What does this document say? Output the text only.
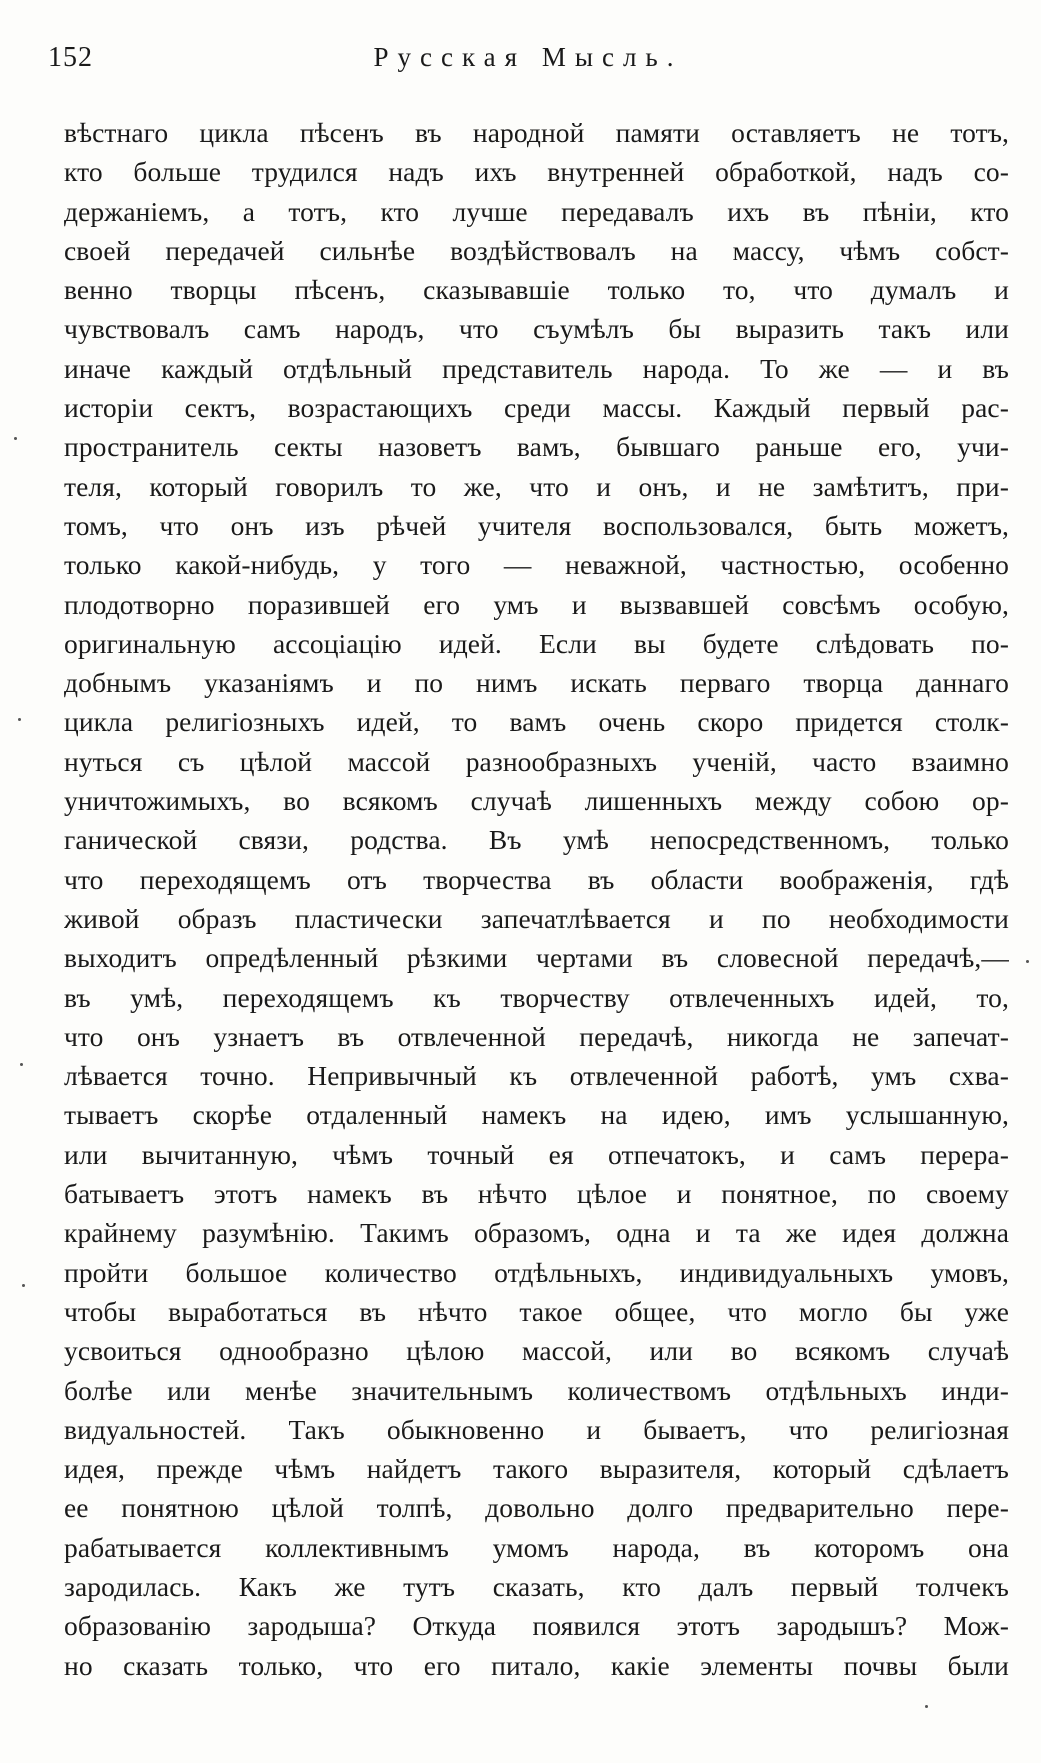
152	Русская Мысль.
вѣстнаго цикла пѣсенъ въ народной памяти оставляетъ не тотъ,
кто больше трудился надъ ихъ внутренней обработкой, надъ со-
держаніемъ, а тотъ, кто лучше передавалъ ихъ въ пѣніи, кто
своей передачей сильнѣе воздѣйствовалъ на массу, чѣмъ собст-
венно творцы пѣсенъ, сказывавшіе только то, что думалъ и
чувствовалъ самъ народъ, что съумѣлъ бы выразить такъ или
иначе каждый отдѣльный представитель народа. То же — и въ
исторіи сектъ, возрастающихъ среди массы. Каждый первый рас-
пространитель секты назоветъ вамъ, бывшаго раньше его, учи-
теля, который говорилъ то же, что и онъ, и не замѣтитъ, при-
томъ, что онъ изъ рѣчей учителя воспользовался, быть можетъ,
только какой-нибудь, у того — неважной, частностью, особенно
плодотворно поразившей его умъ и вызвавшей совсѣмъ особую,
оригинальную ассоціацію идей. Если вы будете слѣдовать по-
добнымъ указаніямъ и по нимъ искать перваго творца даннаго
цикла религіозныхъ идей, то вамъ очень скоро придется столк-
нуться съ цѣлой массой разнообразныхъ ученій, часто взаимно
уничтожимыхъ, во всякомъ случаѣ лишенныхъ между собою ор-
ганической связи, родства. Въ умѣ непосредственномъ, только
что переходящемъ отъ творчества въ области воображенія, гдѣ
живой образъ пластически запечатлѣвается и по необходимости
выходитъ опредѣленный рѣзкими чертами въ словесной передачѣ,—
въ умѣ, переходящемъ къ творчеству отвлеченныхъ идей, то,
что онъ узнаетъ въ отвлеченной передачѣ, никогда не запечат-
лѣвается точно. Непривычный къ отвлеченной работѣ, умъ схва-
тываетъ скорѣе отдаленный намекъ на идею, имъ услышанную,
или вычитанную, чѣмъ точный ея отпечатокъ, и самъ перера-
батываетъ этотъ намекъ въ нѣчто цѣлое и понятное, по своему
крайнему разумѣнію. Такимъ образомъ, одна и та же идея должна
пройти большое количество отдѣльныхъ, индивидуальныхъ умовъ,
чтобы выработаться въ нѣчто такое общее, что могло бы уже
усвоиться однообразно цѣлою массой, или во всякомъ случаѣ
болѣе или менѣе значительнымъ количествомъ отдѣльныхъ инди-
видуальностей. Такъ обыкновенно и бываетъ, что религіозная
идея, прежде чѣмъ найдетъ такого выразителя, который сдѣлаетъ
ее понятною цѣлой толпѣ, довольно долго предварительно пере-
рабатывается коллективнымъ умомъ народа, въ которомъ она
зародилась. Какъ же тутъ сказать, кто далъ первый толчекъ
образованію зародыша? Откуда появился этотъ зародышъ? Мож-
но сказать только, что его питало, какіе элементы почвы были
